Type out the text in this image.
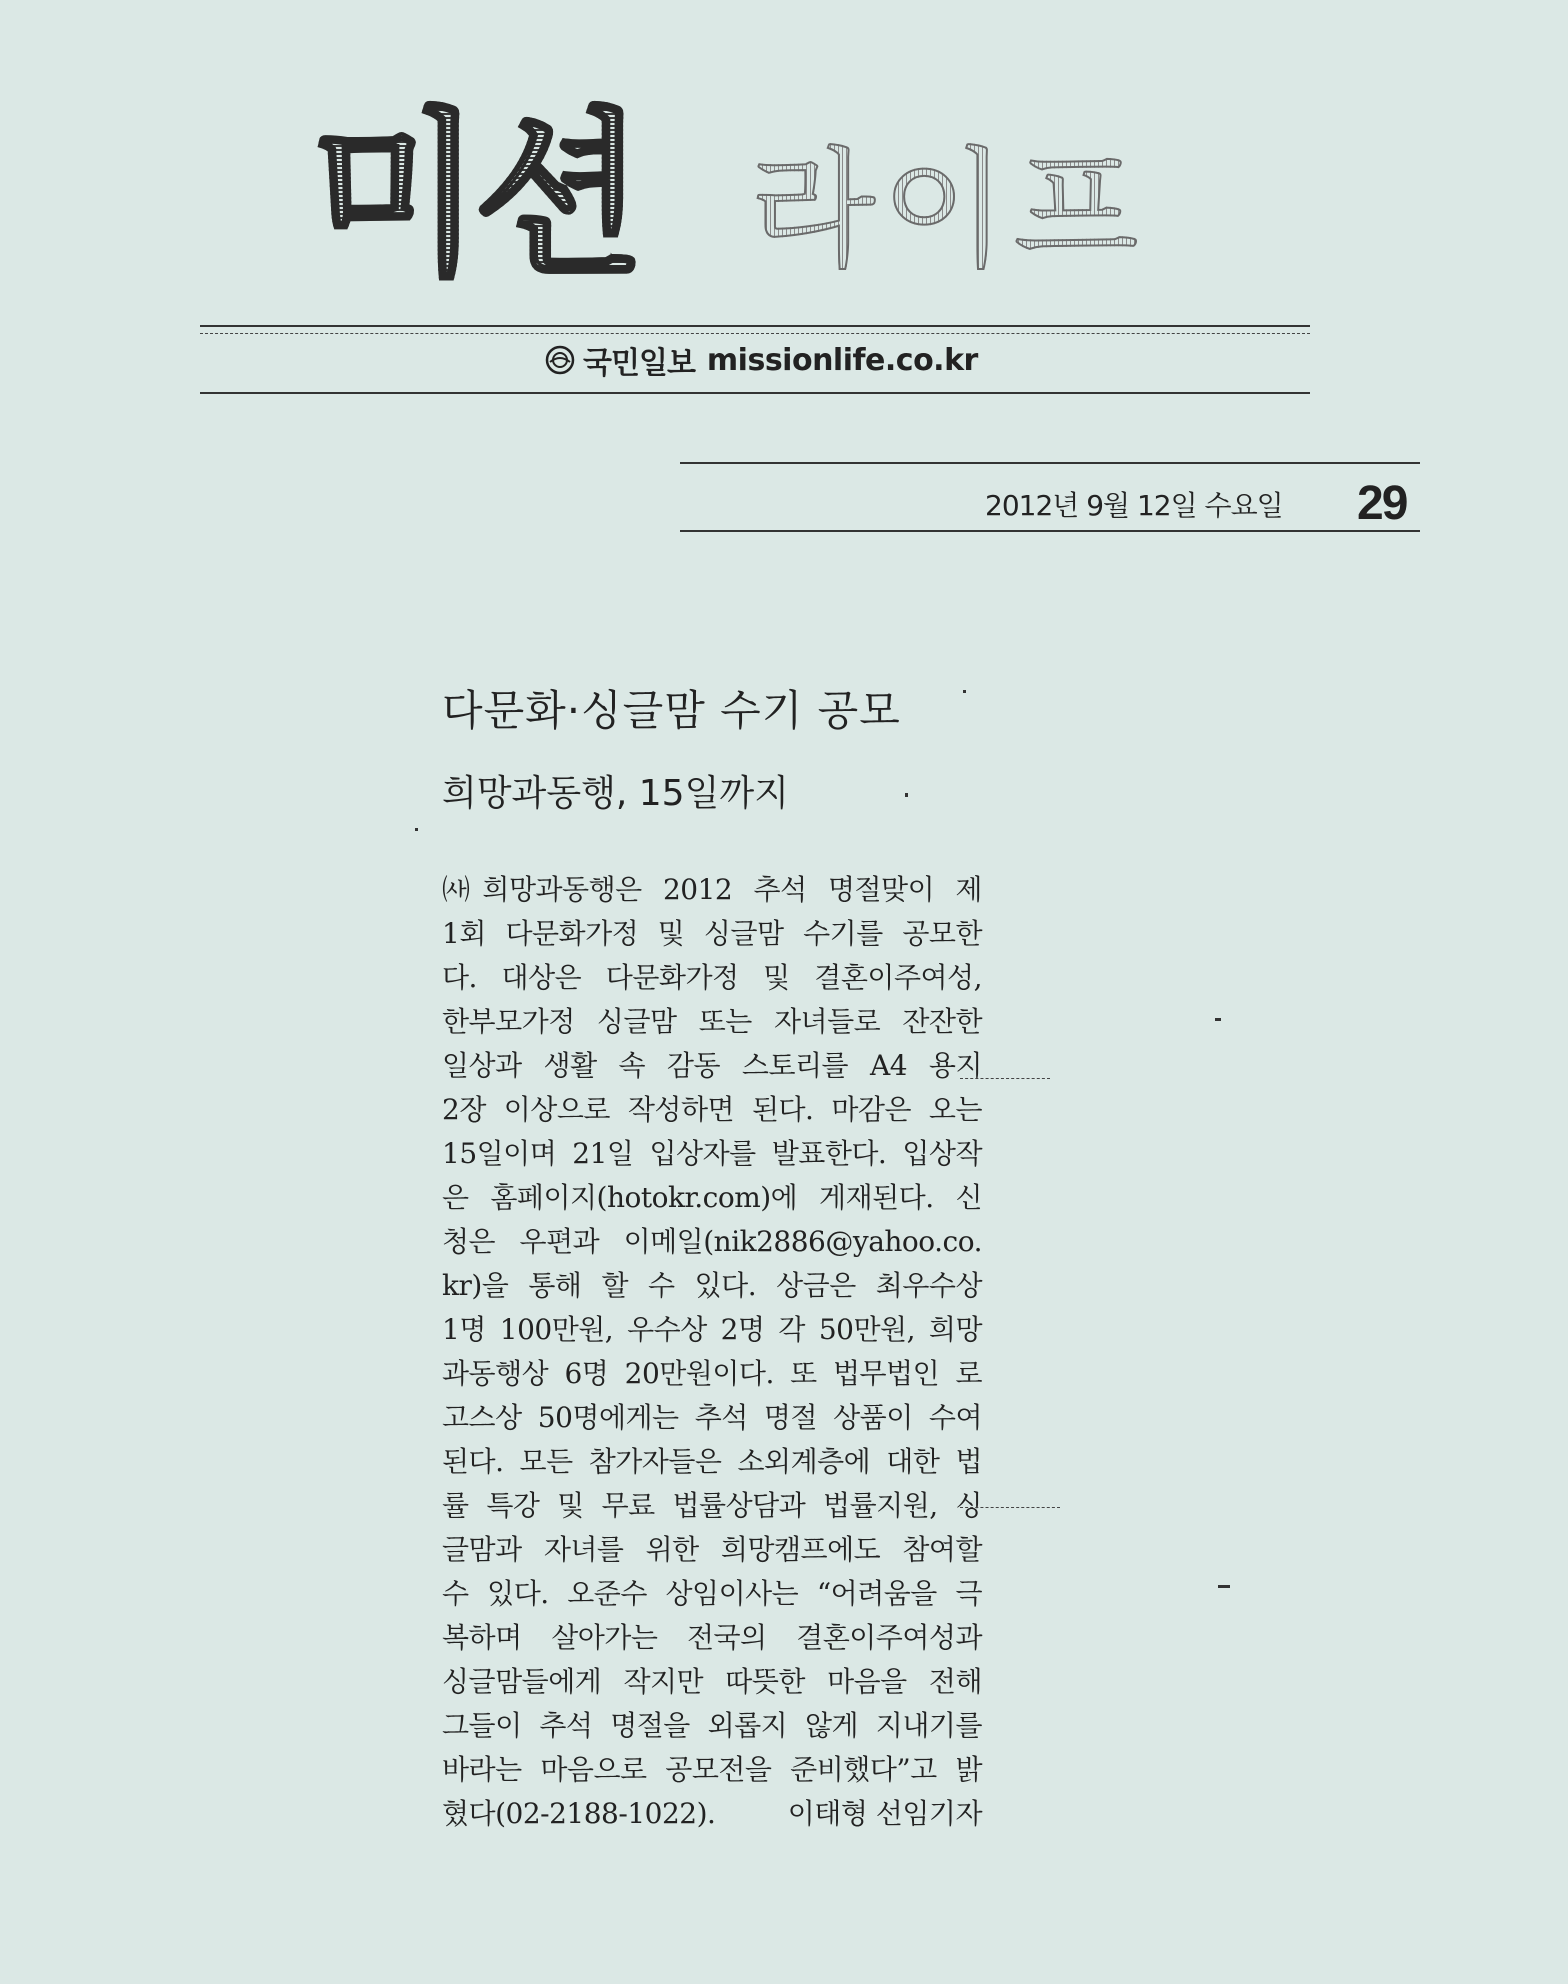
미션 라이프
국민일보 missionlife.co.kr
2012년 9월 12일 수요일 29
다문화·싱글맘 수기 공모
희망과동행, 15일까지
㈔희망과동행은 2012 추석 명절맞이 제
1회 다문화가정 및 싱글맘 수기를 공모한
다. 대상은 다문화가정 및 결혼이주여성,
한부모가정 싱글맘 또는 자녀들로 잔잔한
일상과 생활 속 감동 스토리를 A4 용지
2장 이상으로 작성하면 된다. 마감은 오는
15일이며 21일 입상자를 발표한다. 입상작
은 홈페이지(hotokr.com)에 게재된다. 신
청은 우편과 이메일(nik2886@yahoo.co.
kr)을 통해 할 수 있다. 상금은 최우수상
1명 100만원, 우수상 2명 각 50만원, 희망
과동행상 6명 20만원이다. 또 법무법인 로
고스상 50명에게는 추석 명절 상품이 수여
된다. 모든 참가자들은 소외계층에 대한 법
률 특강 및 무료 법률상담과 법률지원, 싱
글맘과 자녀를 위한 희망캠프에도 참여할
수 있다. 오준수 상임이사는 “어려움을 극
복하며 살아가는 전국의 결혼이주여성과
싱글맘들에게 작지만 따뜻한 마음을 전해
그들이 추석 명절을 외롭지 않게 지내기를
바라는 마음으로 공모전을 준비했다”고 밝
혔다(02-2188-1022).	이태형 선임기자
